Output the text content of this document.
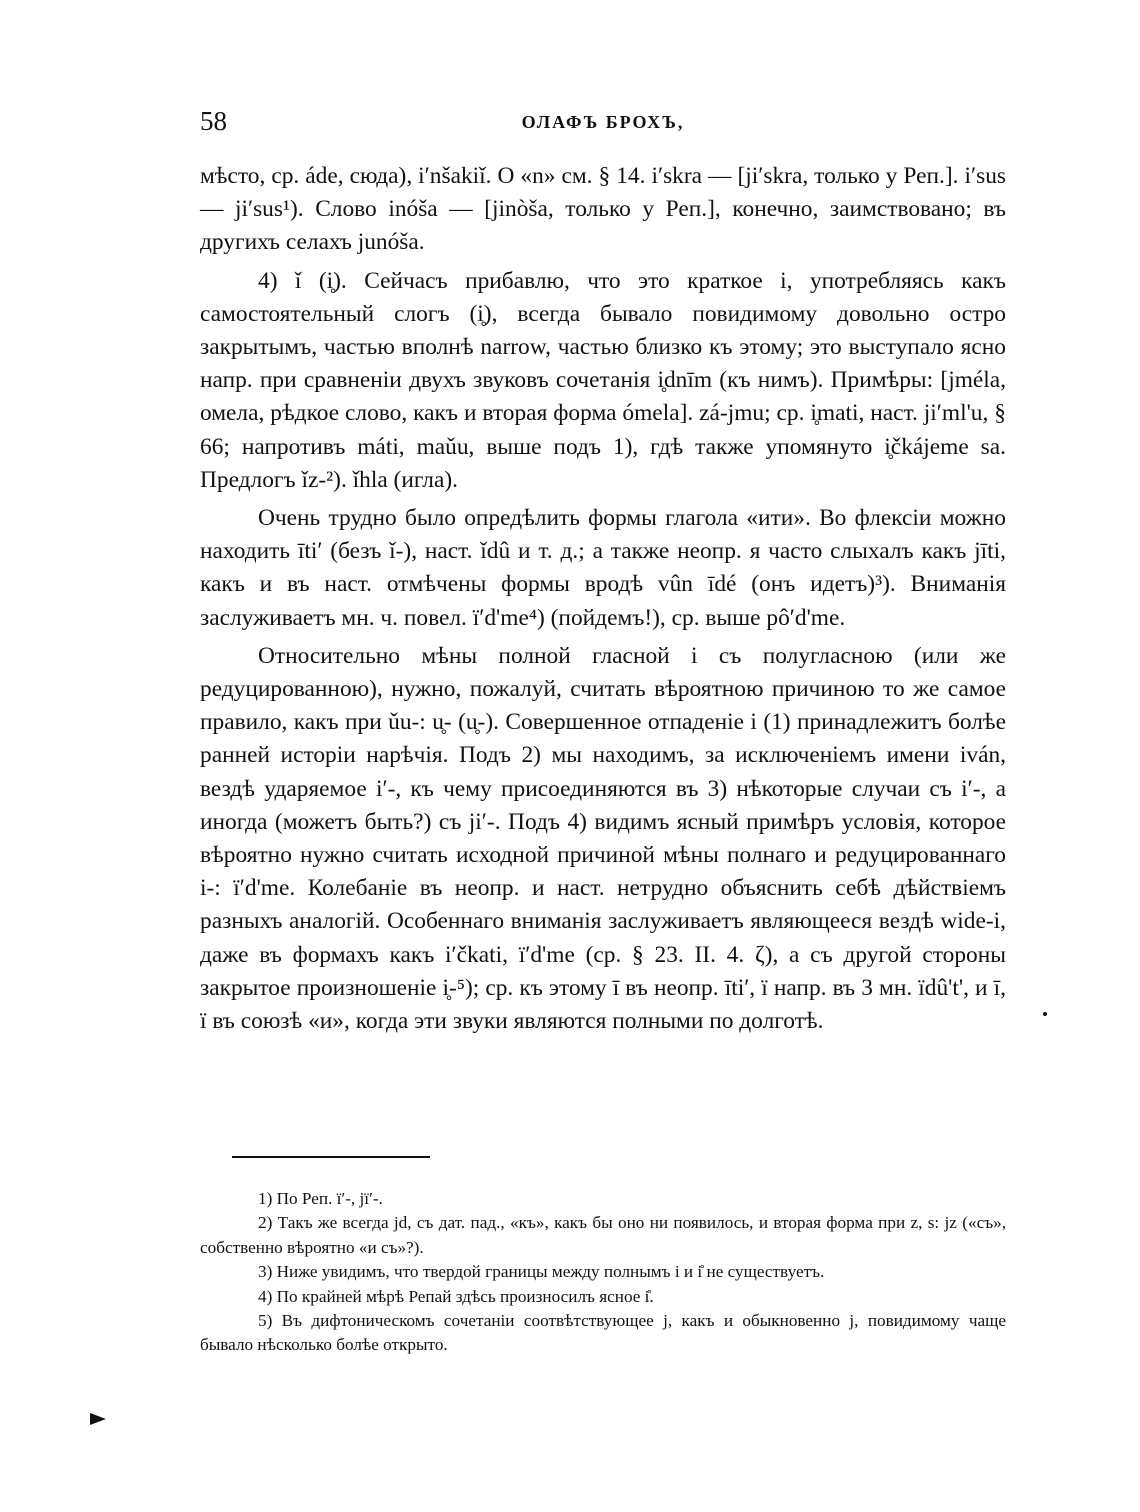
58	ОЛАФЪ БРОХЪ,

мѣсто, ср. áde, сюда), iʹnšakiǐ. O «n» см. § 14. iʹskra — [jiʹskra, только у Реп.]. iʹsus — jiʹsus¹). Слово inóša — [jinòša, только у Реп.], конечно, заимствовано; въ другихъ селахъ junóša.

4) ǐ (i̥). Сейчасъ прибавлю, что это краткое i, употребляясь какъ самостоятельный слогъ (i̥), всегда бывало повидимому довольно остро закрытымъ, частью вполнѣ narrow, частью близко къ этому; это выступало ясно напр. при сравненіи двухъ звуковъ сочетанія i̥dnīm (къ нимъ). Примѣры: [jméla, омела, рѣдкое слово, какъ и вторая форма ómela]. zá-jmu; ср. i̥mati, наст. jiʹml'u, § 66; напротивъ máti, maǔu, выше подъ 1), гдѣ также упомянуто i̥čkájeme sa. Предлогъ ǐz-²). ǐhla (игла).

Очень трудно было опредѣлить формы глагола «ити». Во флексіи можно находить ītiʹ (безъ ǐ-), наст. ǐdû и т. д.; а также неопр. я часто слыхалъ какъ jīti, какъ и въ наст. отмѣчены формы вродѣ vûn īdé (онъ идетъ)³). Вниманія заслуживаетъ мн. ч. повел. ïʹd'me⁴) (пойдемъ!), ср. выше pôʹd'me.

Относительно мѣны полной гласной i съ полугласною (или же редуцированною), нужно, пожалуй, считать вѣроятною причиною то же самое правило, какъ при ǔu-: u̥- (u̥-). Совершенное отпаденіе i (1) принадлежитъ болѣе ранней исторіи нарѣчія. Подъ 2) мы находимъ, за исключеніемъ имени iván, вездѣ ударяемое iʹ-, къ чему присоединяются въ 3) нѣкоторые случаи съ iʹ-, а иногда (можетъ быть?) съ jiʹ-. Подъ 4) видимъ ясный примѣръ условія, которое вѣроятно нужно считать исходной причиной мѣны полнаго и редуцированнаго i-: ïʹd'me. Колебаніе въ неопр. и наст. нетрудно объяснить себѣ дѣйствіемъ разныхъ аналогій. Особеннаго вниманія заслуживаетъ являющееся вездѣ wide-i, даже въ формахъ какъ iʹčkati, ïʹd'me (ср. § 23. II. 4. ζ), а съ другой стороны закрытое произношеніе i̥-⁵); ср. къ этому ī въ неопр. ītiʹ, ï напр. въ 3 мн. ïdû't', и ī, ï въ союзѣ «и», когда эти звуки являются полными по долготѣ.

1) По Реп. ïʹ-, jïʹ-.

2) Такъ же всегда jd, съ дат. пад., «къ», какъ бы оно ни появилось, и вторая форма при z, s: jz («съ», собственно вѣроятно «и съ»?).

3) Ниже увидимъ, что твердой границы между полнымъ i и i̊ не существуетъ.

4) По крайней мѣрѣ Репай здѣсь произносилъ ясное i̊.

5) Въ дифтоническомъ сочетаніи соотвѣтствующее j, какъ и обыкновенно j, повидимому чаще бывало нѣсколько болѣе открыто.
